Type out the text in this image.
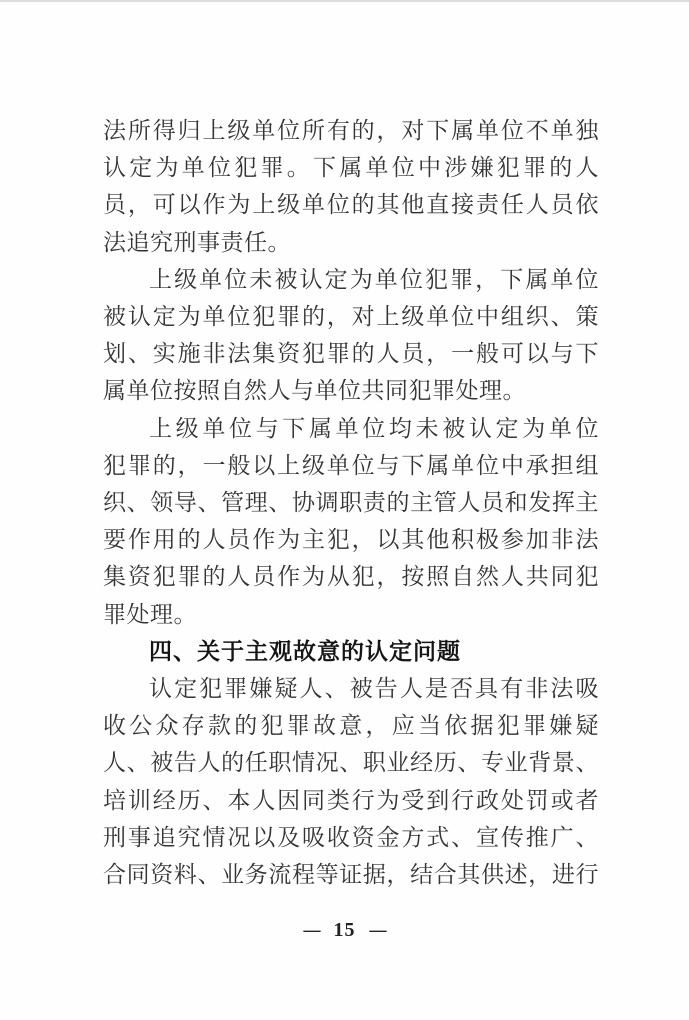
法所得归上级单位所有的，对下属单位不单独
认定为单位犯罪。下属单位中涉嫌犯罪的人
员，可以作为上级单位的其他直接责任人员依
法追究刑事责任。

上级单位未被认定为单位犯罪，下属单位
被认定为单位犯罪的，对上级单位中组织、策
划、实施非法集资犯罪的人员，一般可以与下
属单位按照自然人与单位共同犯罪处理。

上级单位与下属单位均未被认定为单位
犯罪的，一般以上级单位与下属单位中承担组
织、领导、管理、协调职责的主管人员和发挥主
要作用的人员作为主犯，以其他积极参加非法
集资犯罪的人员作为从犯，按照自然人共同犯
罪处理。

四、关于主观故意的认定问题

认定犯罪嫌疑人、被告人是否具有非法吸
收公众存款的犯罪故意，应当依据犯罪嫌疑
人、被告人的任职情况、职业经历、专业背景、
培训经历、本人因同类行为受到行政处罚或者
刑事追究情况以及吸收资金方式、宣传推广、
合同资料、业务流程等证据，结合其供述，进行

— 15 —
